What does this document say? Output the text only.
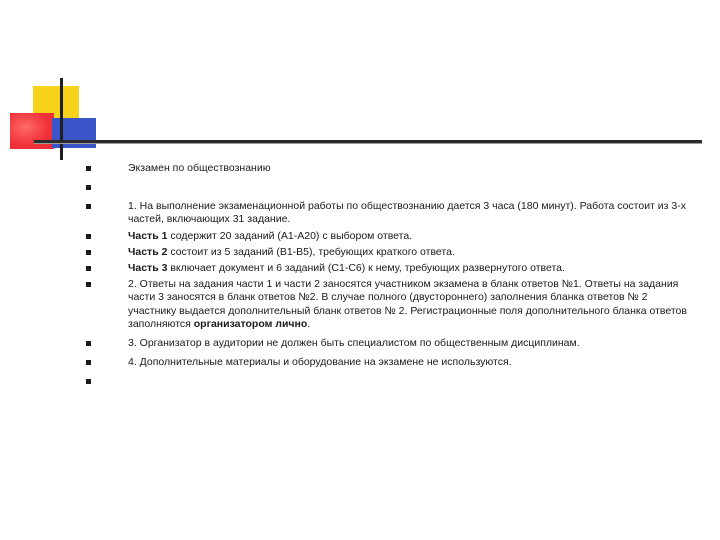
Экзамен по обществознанию
1. На выполнение экзаменационной работы по обществознанию дается 3 часа (180 минут). Работа состоит из 3-х частей, включающих 31 задание.
Часть 1 содержит 20 заданий (А1-А20) с выбором ответа.
Часть 2 состоит из 5 заданий (В1-В5), требующих краткого ответа.
Часть 3 включает документ и 6 заданий (С1-С6) к нему, требующих развернутого ответа.
2. Ответы на задания части 1 и части 2 заносятся участником экзамена в бланк ответов №1. Ответы на задания части 3 заносятся в бланк ответов №2. В случае полного (двустороннего) заполнения бланка ответов № 2 участнику выдается дополнительный бланк ответов № 2. Регистрационные поля дополнительного бланка ответов заполняются организатором лично.
3. Организатор в аудитории не должен быть специалистом по общественным дисциплинам.
4. Дополнительные материалы и оборудование на экзамене не используются.
